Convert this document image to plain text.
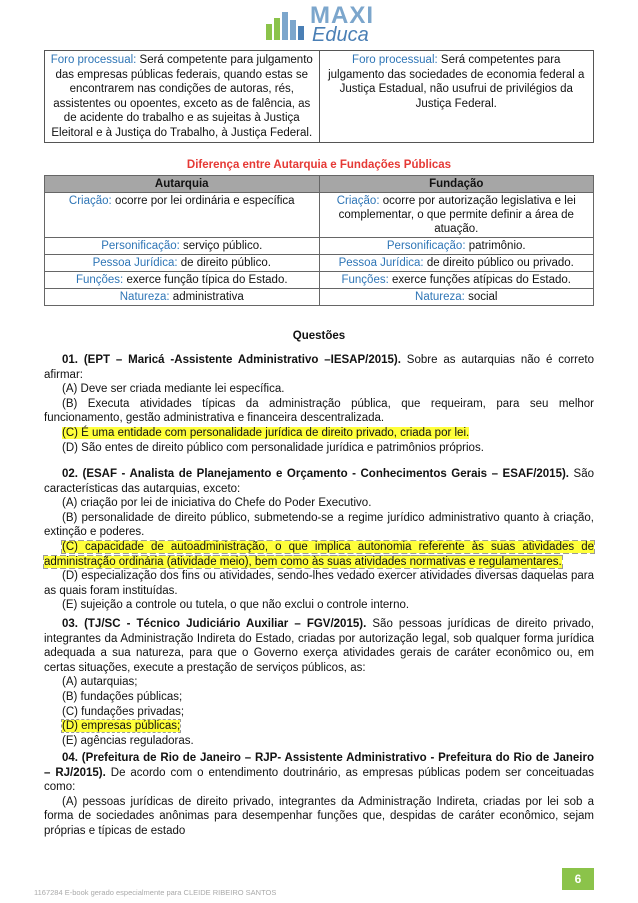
MAXI
Educa
Foro processual: Será competente para julgamento das empresas públicas federais, quando estas se encontrarem nas condições de autoras, rés, assistentes ou opoentes, exceto as de falência, as de acidente do trabalho e as sujeitas à Justiça Eleitoral e à Justiça do Trabalho, à Justiça Federal.	Foro processual: Será competentes para julgamento das sociedades de economia federal a Justiça Estadual, não usufrui de privilégios da Justiça Federal.
Diferença entre Autarquia e Fundações Públicas
Autarquia	Fundação
Criação: ocorre por lei ordinária e específica	Criação: ocorre por autorização legislativa e lei complementar, o que permite definir a área de atuação.
Personificação: serviço público.	Personificação: patrimônio.
Pessoa Jurídica: de direito público.	Pessoa Jurídica: de direito público ou privado.
Funções: exerce função típica do Estado.	Funções: exerce funções atípicas do Estado.
Natureza: administrativa	Natureza: social
Questões

01. (EPT – Maricá -Assistente Administrativo –IESAP/2015). Sobre as autarquias não é correto afirmar:

(A) Deve ser criada mediante lei específica.

(B) Executa atividades típicas da administração pública, que requeiram, para seu melhor funcionamento, gestão administrativa e financeira descentralizada.

(C) É uma entidade com personalidade jurídica de direito privado, criada por lei.

(D) São entes de direito público com personalidade jurídica e patrimônios próprios.

02. (ESAF - Analista de Planejamento e Orçamento - Conhecimentos Gerais – ESAF/2015). São características das autarquias, exceto:

(A) criação por lei de iniciativa do Chefe do Poder Executivo.

(B) personalidade de direito público, submetendo-se a regime jurídico administrativo quanto à criação, extinção e poderes.

(C) capacidade de autoadministração, o que implica autonomia referente às suas atividades de administração ordinária (atividade meio), bem como às suas atividades normativas e regulamentares.

(D) especialização dos fins ou atividades, sendo-lhes vedado exercer atividades diversas daquelas para as quais foram instituídas.

(E) sujeição a controle ou tutela, o que não exclui o controle interno.

03. (TJ/SC - Técnico Judiciário Auxiliar – FGV/2015). São pessoas jurídicas de direito privado, integrantes da Administração Indireta do Estado, criadas por autorização legal, sob qualquer forma jurídica adequada a sua natureza, para que o Governo exerça atividades gerais de caráter econômico ou, em certas situações, execute a prestação de serviços públicos, as:

(A) autarquias;

(B) fundações públicas;

(C) fundações privadas;

(D) empresas públicas;

(E) agências reguladoras.

04. (Prefeitura de Rio de Janeiro – RJP- Assistente Administrativo - Prefeitura do Rio de Janeiro – RJ/2015). De acordo com o entendimento doutrinário, as empresas públicas podem ser conceituadas como:

(A) pessoas jurídicas de direito privado, integrantes da Administração Indireta, criadas por lei sob a forma de sociedades anônimas para desempenhar funções que, despidas de caráter econômico, sejam próprias e típicas de estado

6
1167284 E-book gerado especialmente para CLEIDE RIBEIRO SANTOS
